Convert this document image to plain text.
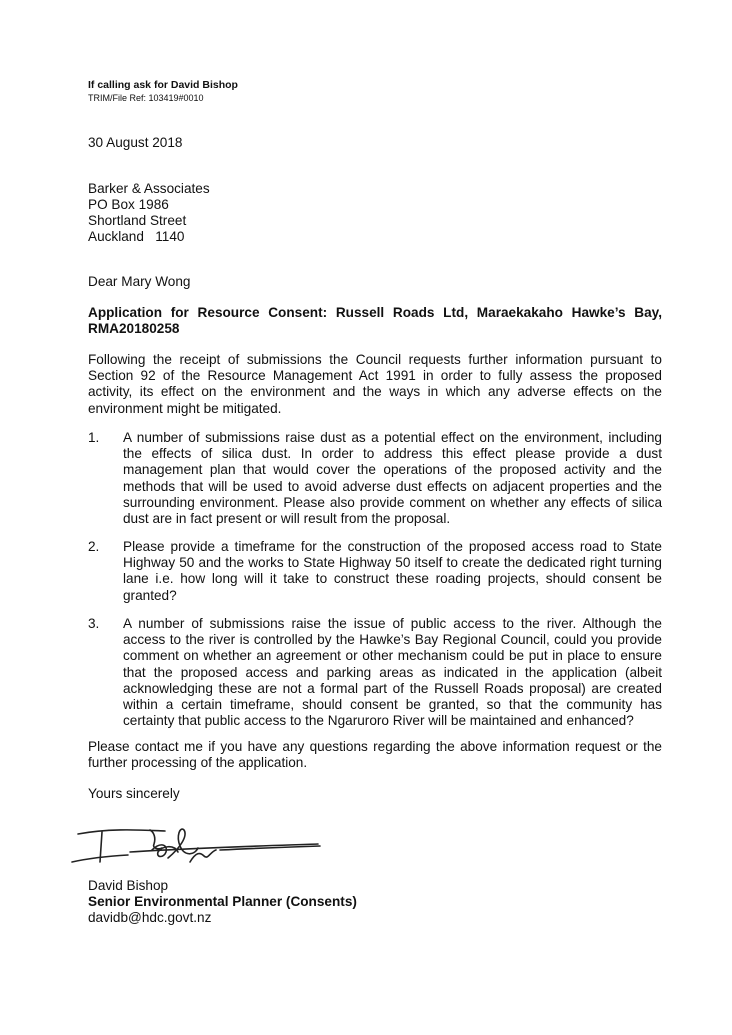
If calling ask for David Bishop
TRIM/File Ref: 103419#0010
30 August 2018
Barker & Associates
PO Box 1986
Shortland Street
Auckland   1140
Dear Mary Wong
Application for Resource Consent: Russell Roads Ltd, Maraekakaho Hawke’s Bay, RMA20180258
Following the receipt of submissions the Council requests further information pursuant to Section 92 of the Resource Management Act 1991 in order to fully assess the proposed activity, its effect on the environment and the ways in which any adverse effects on the environment might be mitigated.
1. A number of submissions raise dust as a potential effect on the environment, including the effects of silica dust. In order to address this effect please provide a dust management plan that would cover the operations of the proposed activity and the methods that will be used to avoid adverse dust effects on adjacent properties and the surrounding environment. Please also provide comment on whether any effects of silica dust are in fact present or will result from the proposal.
2. Please provide a timeframe for the construction of the proposed access road to State Highway 50 and the works to State Highway 50 itself to create the dedicated right turning lane i.e. how long will it take to construct these roading projects, should consent be granted?
3. A number of submissions raise the issue of public access to the river. Although the access to the river is controlled by the Hawke’s Bay Regional Council, could you provide comment on whether an agreement or other mechanism could be put in place to ensure that the proposed access and parking areas as indicated in the application (albeit acknowledging these are not a formal part of the Russell Roads proposal) are created within a certain timeframe, should consent be granted, so that the community has certainty that public access to the Ngaruroro River will be maintained and enhanced?
Please contact me if you have any questions regarding the above information request or the further processing of the application.
Yours sincerely
David Bishop
Senior Environmental Planner (Consents)
davidb@hdc.govt.nz
